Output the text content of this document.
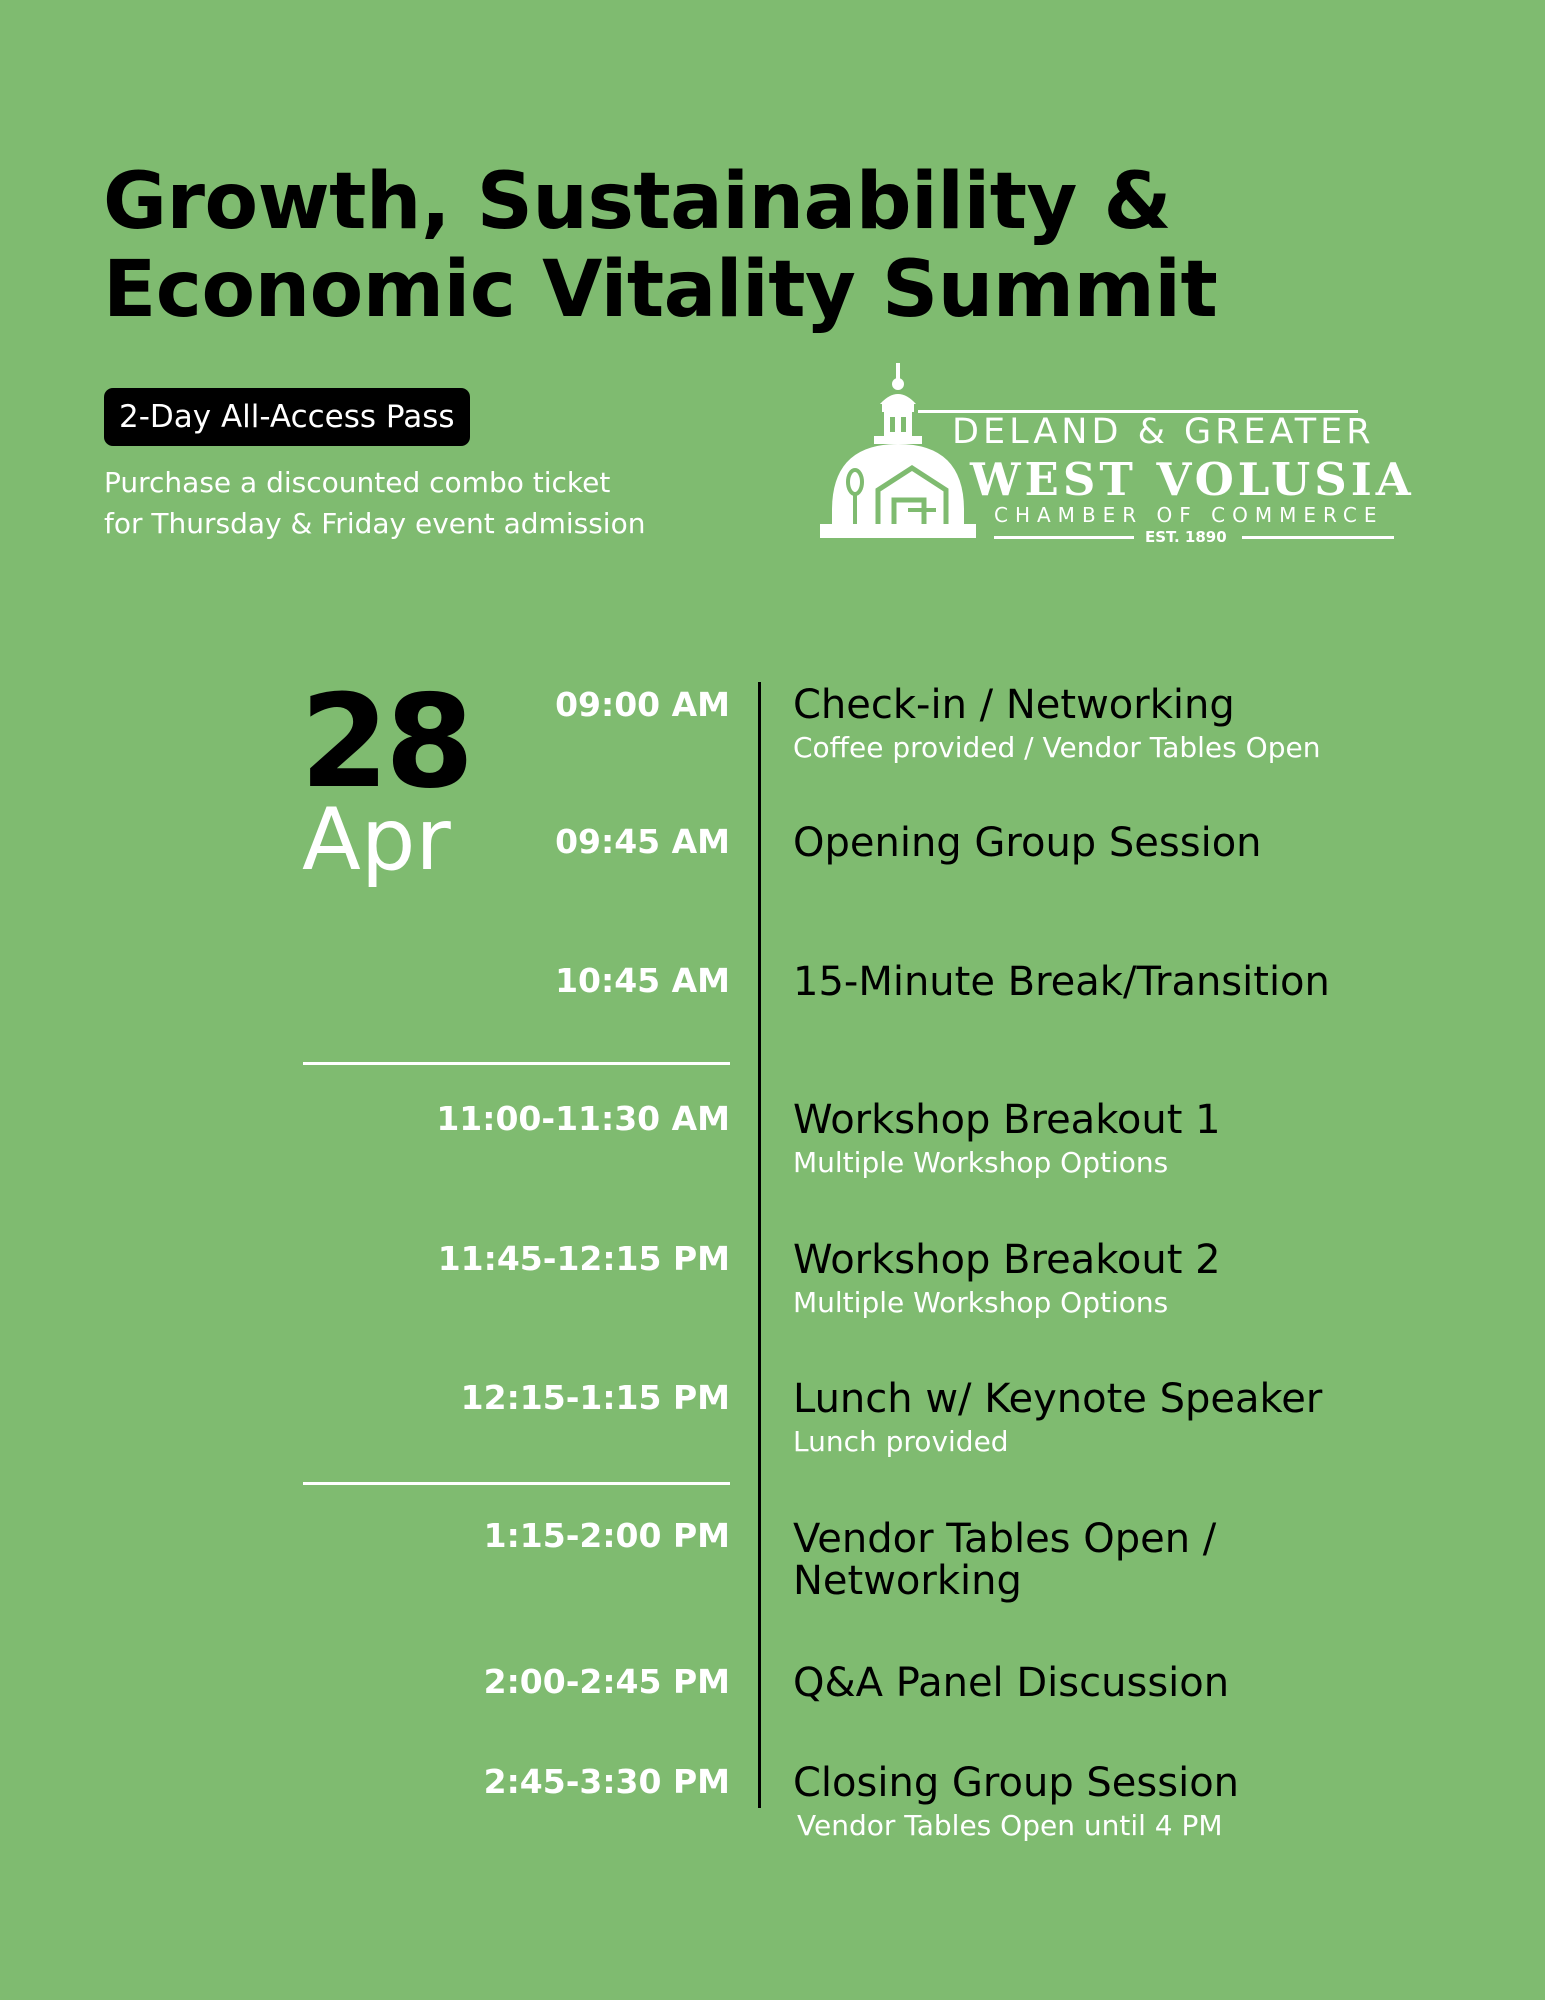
Growth, Sustainability &
Economic Vitality Summit
2-Day All-Access Pass
Purchase a discounted combo ticket
for Thursday & Friday event admission
DELAND & GREATER
WEST VOLUSIA
CHAMBER OF COMMERCE
EST. 1890
28
Apr
09:00 AM Check-in / Networking
Coffee provided / Vendor Tables Open
09:45 AM Opening Group Session
10:45 AM 15-Minute Break/Transition
11:00-11:30 AM Workshop Breakout 1
Multiple Workshop Options
11:45-12:15 PM Workshop Breakout 2
Multiple Workshop Options
12:15-1:15 PM Lunch w/ Keynote Speaker
Lunch provided
1:15-2:00 PM Vendor Tables Open /
Networking
2:00-2:45 PM Q&A Panel Discussion
2:45-3:30 PM Closing Group Session
Vendor Tables Open until 4 PM
